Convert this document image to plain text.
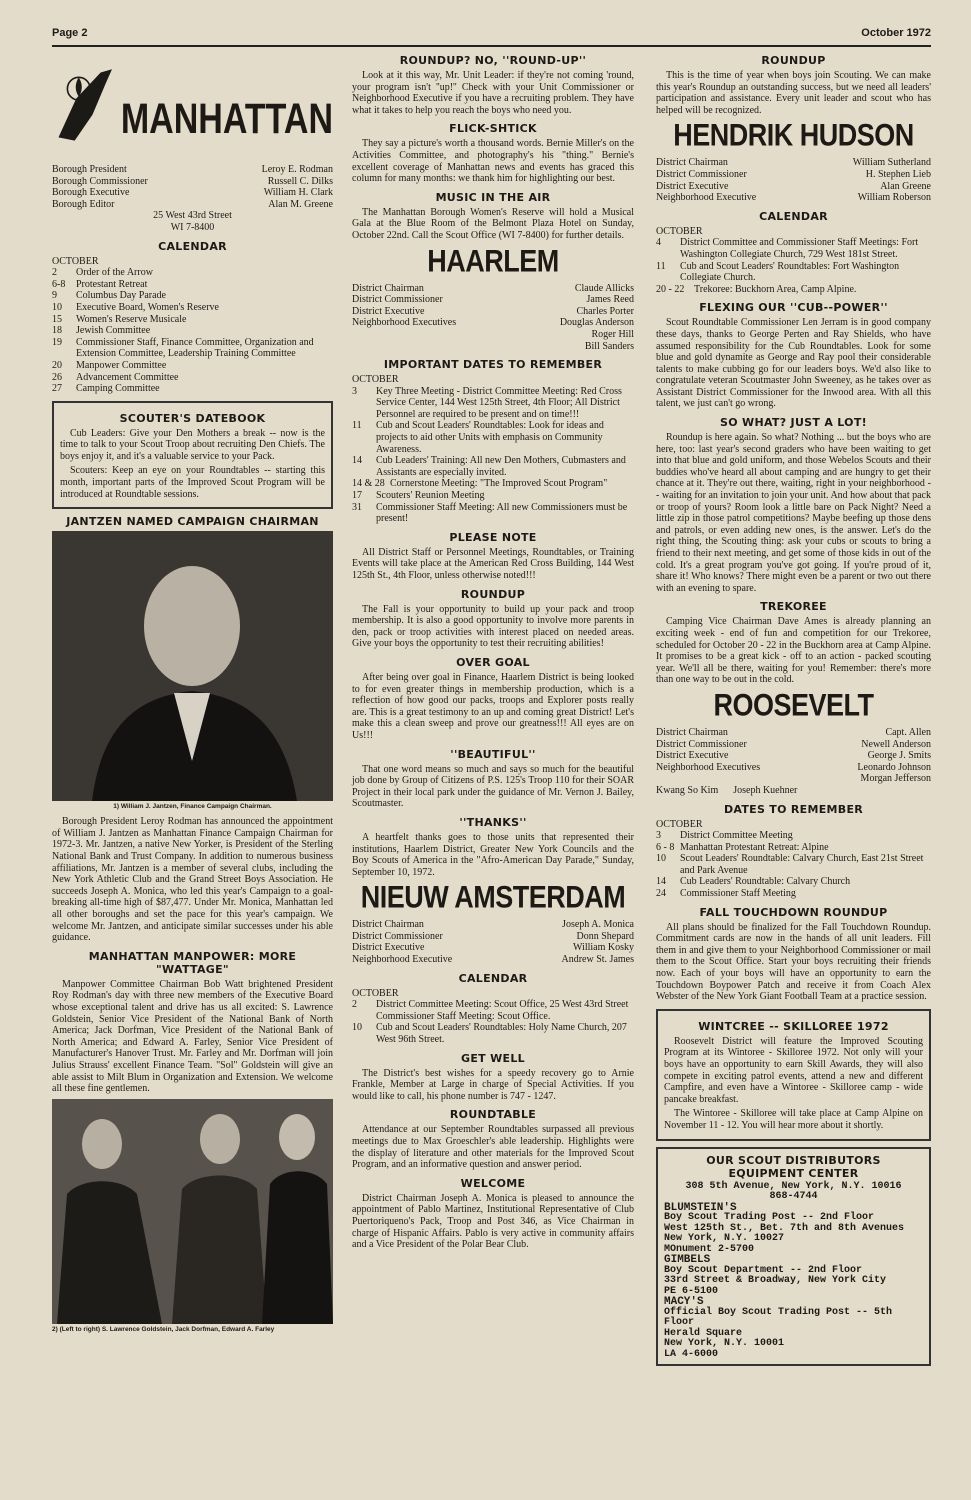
Page 2	October 1972
MANHATTAN
Borough President	Leroy E. Rodman
Borough Commissioner	Russell C. Dilks
Borough Executive	William H. Clark
Borough Editor	Alan M. Greene
25 West 43rd Street
WI 7-8400
CALENDAR
OCTOBER
2	Order of the Arrow
6-8	Protestant Retreat
9	Columbus Day Parade
10	Executive Board, Women's Reserve
15	Women's Reserve Musicale
18	Jewish Committee
19	Commissioner Staff, Finance Committee, Organization and Extension Committee, Leadership Training Committee
20	Manpower Committee
26	Advancement Committee
27	Camping Committee
SCOUTER'S DATEBOOK

Cub Leaders: Give your Den Mothers a break -- now is the time to talk to your Scout Troop about recruiting Den Chiefs. The boys enjoy it, and it's a valuable service to your Pack.

Scouters: Keep an eye on your Roundtables -- starting this month, important parts of the Improved Scout Program will be introduced at Roundtable sessions.

JANTZEN NAMED CAMPAIGN CHAIRMAN
1) William J. Jantzen, Finance Campaign Chairman.

Borough President Leroy Rodman has announced the appointment of William J. Jantzen as Manhattan Finance Campaign Chairman for 1972-3. Mr. Jantzen, a native New Yorker, is President of the Sterling National Bank and Trust Company. In addition to numerous business affiliations, Mr. Jantzen is a member of several clubs, including the New York Athletic Club and the Grand Street Boys Association. He succeeds Joseph A. Monica, who led this year's Campaign to a goal-breaking all-time high of $87,477. Under Mr. Monica, Manhattan led all other boroughs and set the pace for this year's campaign. We welcome Mr. Jantzen, and anticipate similar successes under his able guidance.

MANHATTAN MANPOWER: MORE "WATTAGE"

Manpower Committee Chairman Bob Watt brightened President Roy Rodman's day with three new members of the Executive Board whose exceptional talent and drive has us all excited: S. Lawrence Goldstein, Senior Vice President of the National Bank of North America; Jack Dorfman, Vice President of the National Bank of North America; and Edward A. Farley, Senior Vice President of Manufacturer's Hanover Trust. Mr. Farley and Mr. Dorfman will join Julius Strauss' excellent Finance Team. "Sol" Goldstein will give an able assist to Milt Blum in Organization and Extension. We welcome all these fine gentlemen.

2) (Left to right) S. Lawrence Goldstein, Jack Dorfman, Edward A. Farley
ROUNDUP? NO, ''ROUND-UP''

Look at it this way, Mr. Unit Leader: if they're not coming 'round, your program isn't ''up!'' Check with your Unit Commissioner or Neighborhood Executive if you have a recruiting problem. They have what it takes to help you reach the boys who need you.

FLICK-SHTICK

They say a picture's worth a thousand words. Bernie Miller's on the Activities Committee, and photography's his "thing." Bernie's excellent coverage of Manhattan news and events has graced this column for many months: we thank him for highlighting our best.

MUSIC IN THE AIR

The Manhattan Borough Women's Reserve will hold a Musical Gala at the Blue Room of the Belmont Plaza Hotel on Sunday, October 22nd. Call the Scout Office (WI 7-8400) for further details.

HAARLEM
District Chairman	Claude Allicks
District Commissioner	James Reed
District Executive	Charles Porter
Neighborhood Executives	Douglas Anderson
Roger Hill
Bill Sanders
IMPORTANT DATES TO REMEMBER
OCTOBER
3	Key Three Meeting - District Committee Meeting: Red Cross Service Center, 144 West 125th Street, 4th Floor; All District Personnel are required to be present and on time!!!
11	Cub and Scout Leaders' Roundtables: Look for ideas and projects to aid other Units with emphasis on Community Awareness.
14	Cub Leaders' Training: All new Den Mothers, Cubmasters and Assistants are especially invited.
14 & 28 Cornerstone Meeting: "The Improved Scout Program"
17	Scouters' Reunion Meeting
31	Commissioner Staff Meeting: All new Commissioners must be present!
PLEASE NOTE

All District Staff or Personnel Meetings, Roundtables, or Training Events will take place at the American Red Cross Building, 144 West 125th St., 4th Floor, unless otherwise noted!!!

ROUNDUP

The Fall is your opportunity to build up your pack and troop membership. It is also a good opportunity to involve more parents in den, pack or troop activities with interest placed on needed areas. Give your boys the opportunity to test their recruiting abilities!

OVER GOAL

After being over goal in Finance, Haarlem District is being looked to for even greater things in membership production, which is a reflection of how good our packs, troops and Explorer posts really are. This is a great testimony to an up and coming great District! Let's make this a clean sweep and prove our greatness!!! All eyes are on Us!!!

''BEAUTIFUL''

That one word means so much and says so much for the beautiful job done by Group of Citizens of P.S. 125's Troop 110 for their SOAR Project in their local park under the guidance of Mr. Vernon J. Bailey, Scoutmaster.

''THANKS''

A heartfelt thanks goes to those units that represented their institutions, Haarlem District, Greater New York Councils and the Boy Scouts of America in the "Afro-American Day Parade," Sunday, September 10, 1972.

NIEUW AMSTERDAM
District Chairman	Joseph A. Monica
District Commissioner	Donn Shepard
District Executive	William Kosky
Neighborhood Executive	Andrew St. James
CALENDAR
OCTOBER
2	District Committee Meeting: Scout Office, 25 West 43rd Street Commissioner Staff Meeting: Scout Office.
10	Cub and Scout Leaders' Roundtables: Holy Name Church, 207 West 96th Street.
GET WELL

The District's best wishes for a speedy recovery go to Arnie Frankle, Member at Large in charge of Special Activities. If you would like to call, his phone number is 747 - 1247.

ROUNDTABLE

Attendance at our September Roundtables surpassed all previous meetings due to Max Groeschler's able leadership. Highlights were the display of literature and other materials for the Improved Scout Program, and an informative question and answer period.

WELCOME

District Chairman Joseph A. Monica is pleased to announce the appointment of Pablo Martinez, Institutional Representative of Club Puertoriqueno's Pack, Troop and Post 346, as Vice Chairman in charge of Hispanic Affairs. Pablo is very active in community affairs and a Vice President of the Polar Bear Club.

ROUNDUP

This is the time of year when boys join Scouting. We can make this year's Roundup an outstanding success, but we need all leaders' participation and assistance. Every unit leader and scout who has helped will be recognized.

HENDRIK HUDSON
District Chairman	William Sutherland
District Commissioner	H. Stephen Lieb
District Executive	Alan Greene
Neighborhood Executive	William Roberson
CALENDAR
OCTOBER
4	District Committee and Commissioner Staff Meetings: Fort Washington Collegiate Church, 729 West 181st Street.
11	Cub and Scout Leaders' Roundtables: Fort Washington Collegiate Church.
20 - 22 Trekoree: Buckhorn Area, Camp Alpine.
FLEXING OUR ''CUB--POWER''

Scout Roundtable Commissioner Len Jerram is in good company these days, thanks to George Perten and Ray Shields, who have assumed responsibility for the Cub Roundtables. Look for some blue and gold dynamite as George and Ray pool their considerable talents to make cubbing go for our leaders boys. We'd also like to congratulate veteran Scoutmaster John Sweeney, as he takes over as Assistant District Commissioner for the Inwood area. With all this talent, we just can't go wrong.

SO WHAT? JUST A LOT!

Roundup is here again. So what? Nothing ... but the boys who are here, too: last year's second graders who have been waiting to get into that blue and gold uniform, and those Webelos Scouts and their buddies who've heard all about camping and are hungry to get their chance at it. They're out there, waiting, right in your neighborhood -- waiting for an invitation to join your unit. And how about that pack or troop of yours? Room look a little bare on Pack Night? Need a little zip in those patrol competitions? Maybe beefing up those dens and patrols, or even adding new ones, is the answer. Let's do the right thing, the Scouting thing: ask your cubs or scouts to bring a friend to their next meeting, and get some of those kids in out of the cold. It's a great program you've got going. If you're proud of it, share it! Who knows? There might even be a parent or two out there with an evening to spare.

TREKOREE

Camping Vice Chairman Dave Ames is already planning an exciting week - end of fun and competition for our Trekoree, scheduled for October 20 - 22 in the Buckhorn area at Camp Alpine. It promises to be a great kick - off to an action - packed scouting year. We'll all be there, waiting for you! Remember: there's more than one way to be out in the cold.

ROOSEVELT
District Chairman	Capt. Allen
District Commissioner	Newell Anderson
District Executive	George J. Smits
Neighborhood Executives	Leonardo Johnson
Morgan Jefferson
Kwang So Kim      Joseph Kuehner
DATES TO REMEMBER
OCTOBER
3	District Committee Meeting
6 - 8 Manhattan Protestant Retreat: Alpine
10	Scout Leaders' Roundtable: Calvary Church, East 21st Street and Park Avenue
14	Cub Leaders' Roundtable: Calvary Church
24	Commissioner Staff Meeting
FALL TOUCHDOWN ROUNDUP

All plans should be finalized for the Fall Touchdown Roundup. Commitment cards are now in the hands of all unit leaders. Fill them in and give them to your Neighborhood Commissioner or mail them to the Scout Office. Start your boys recruiting their friends now. Each of your boys will have an opportunity to earn the Touchdown Boypower Patch and receive it from Coach Alex Webster of the New York Giant Football Team at a practice session.

WINTCREE -- SKILLOREE 1972

Roosevelt District will feature the Improved Scouting Program at its Wintoree - Skilloree 1972. Not only will your boys have an opportunity to earn Skill Awards, they will also compete in exciting patrol events, attend a new and different Campfire, and even have a Wintoree - Skilloree camp - wide pancake breakfast.

The Wintoree - Skilloree will take place at Camp Alpine on November 11 - 12. You will hear more about it shortly.

OUR SCOUT DISTRIBUTORS
EQUIPMENT CENTER
308 5th Avenue, New York, N.Y. 10016
868-4744
BLUMSTEIN'S
Boy Scout Trading Post -- 2nd Floor
West 125th St., Bet. 7th and 8th Avenues
New York, N.Y. 10027
MOnument 2-5700
GIMBELS
Boy Scout Department -- 2nd Floor
33rd Street & Broadway, New York City
PE 6-5100
MACY'S
Official Boy Scout Trading Post -- 5th Floor
Herald Square
New York, N.Y. 10001
LA 4-6000
